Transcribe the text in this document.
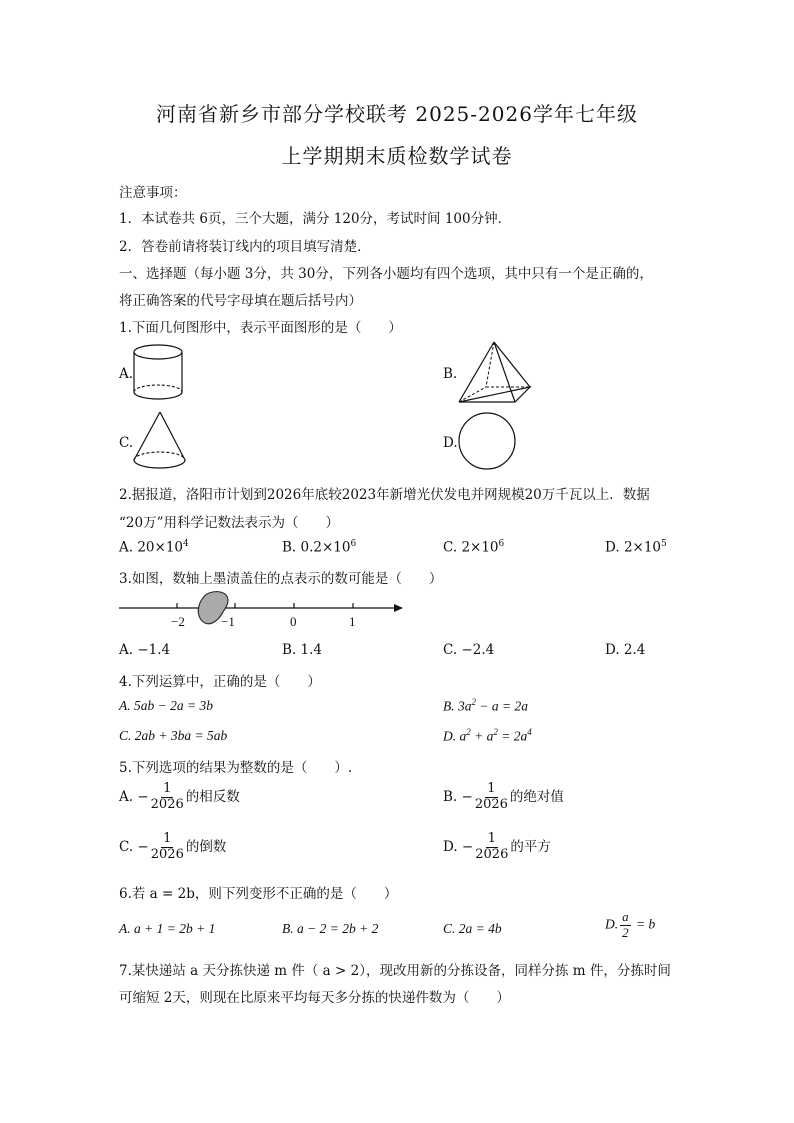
河南省新乡市部分学校联考 2025-2026学年七年级
上学期期末质检数学试卷
注意事项：
1．本试卷共 6页，三个大题，满分 120分，考试时间 100分钟．
2．答卷前请将装订线内的项目填写清楚．
一、选择题（每小题 3分，共 30分，下列各小题均有四个选项，其中只有一个是正确的，
将正确答案的代号字母填在题后括号内）
1.下面几何图形中，表示平面图形的是（　　）
A.	B.
C.	D.
2.据报道，洛阳市计划到2026年底较2023年新增光伏发电并网规模20万千瓦以上．数据
“20万”用科学记数法表示为（　　）
A. $20\times 10^4$	B. $0.2\times 10^6$	C. $2\times 10^6$	D. $2\times 10^5$
3.如图，数轴上墨渍盖住的点表示的数可能是（　　）
−2	−1	0	1
A. −1.4	B. 1.4	C. −2.4	D. 2.4
4.下列运算中，正确的是（　　）
A. 5ab − 2a = 3b	B. $3a^2 - a = 2a$
C. 2ab + 3ba = 5ab	D. $a^2 + a^2 = 2a^4$
5.下列选项的结果为整数的是（　　）.
A. − $\frac{1}{2026}$ 的相反数	B. − $\frac{1}{2026}$ 的绝对值
C. − $\frac{1}{2026}$ 的倒数	D. − $\frac{1}{2026}$ 的平方
6.若 a = 2b，则下列变形不正确的是（　　）
A. a + 1 = 2b + 1	B. a − 2 = 2b + 2	C. 2a = 4b	D. $\frac{a}{2} = b$
7.某快递站 a 天分拣快递 m 件（ a > 2），现改用新的分拣设备，同样分拣 m 件，分拣时间
可缩短 2天，则现在比原来平均每天多分拣的快递件数为（　　）
